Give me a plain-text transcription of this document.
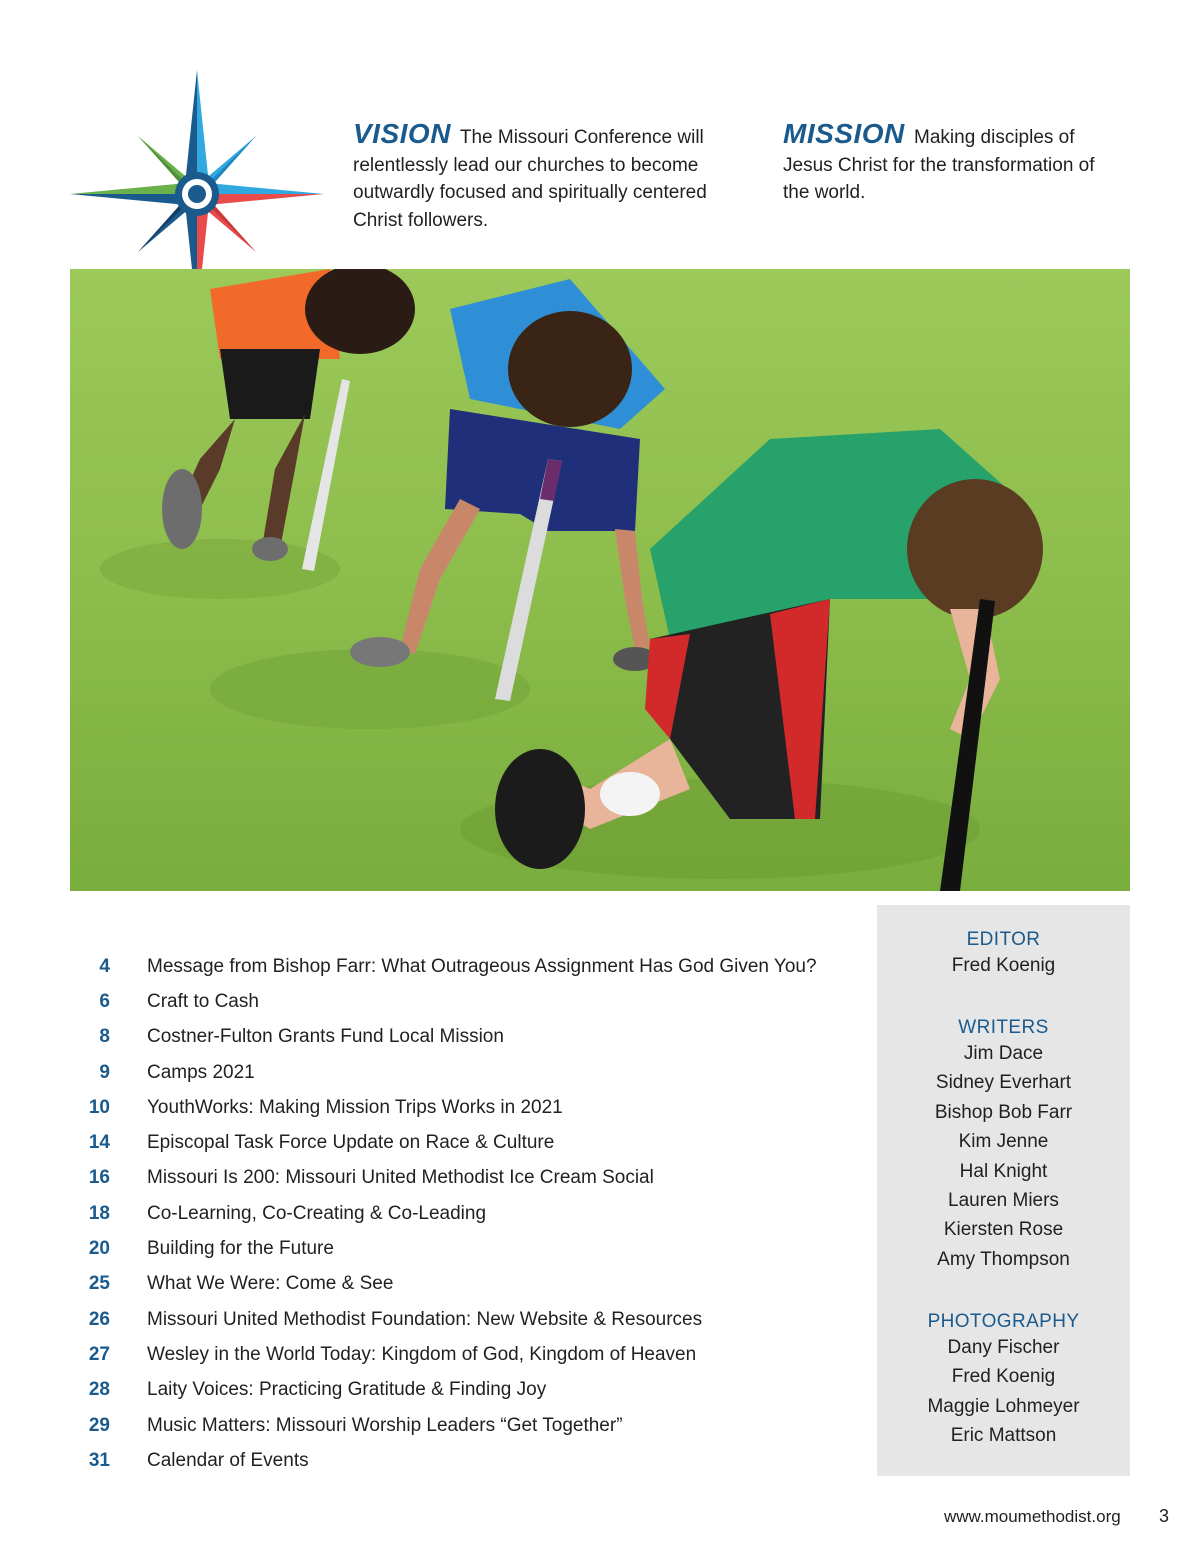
VISION The Missouri Conference will relentlessly lead our churches to become outwardly focused and spiritually centered Christ followers.
MISSION Making disciples of Jesus Christ for the transformation of the world.
4 Message from Bishop Farr: What Outrageous Assignment Has God Given You?
6 Craft to Cash
8 Costner-Fulton Grants Fund Local Mission
9 Camps 2021
10 YouthWorks: Making Mission Trips Works in 2021
14 Episcopal Task Force Update on Race & Culture
16 Missouri Is 200: Missouri United Methodist Ice Cream Social
18 Co-Learning, Co-Creating & Co-Leading
20 Building for the Future
25 What We Were: Come & See
26 Missouri United Methodist Foundation: New Website & Resources
27 Wesley in the World Today: Kingdom of God, Kingdom of Heaven
28 Laity Voices: Practicing Gratitude & Finding Joy
29 Music Matters: Missouri Worship Leaders “Get Together”
31 Calendar of Events
EDITOR
Fred Koenig
WRITERS
Jim Dace
Sidney Everhart
Bishop Bob Farr
Kim Jenne
Hal Knight
Lauren Miers
Kiersten Rose
Amy Thompson
PHOTOGRAPHY
Dany Fischer
Fred Koenig
Maggie Lohmeyer
Eric Mattson
www.moumethodist.org 3
